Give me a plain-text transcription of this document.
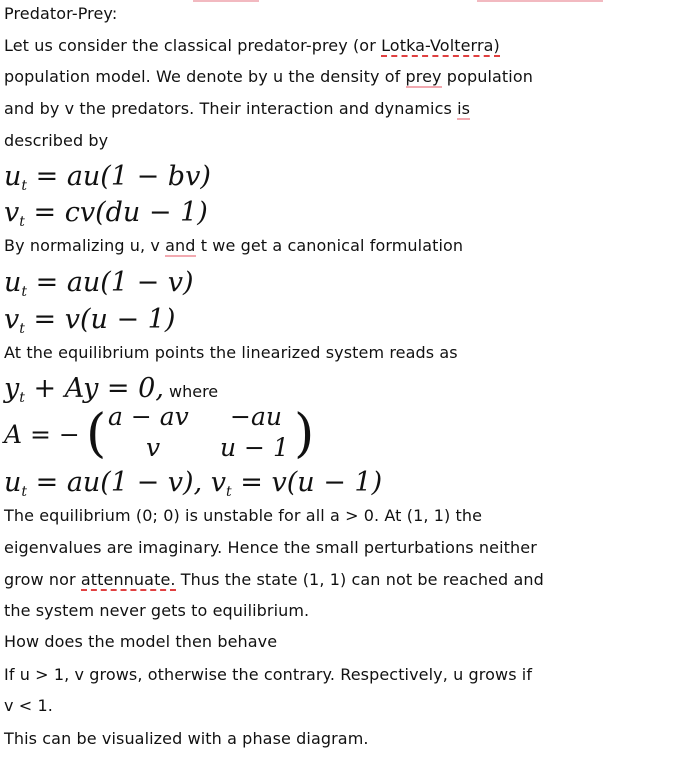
Predator-Prey:
Let us consider the classical predator-prey (or Lotka-Volterra)
population model. We denote by u the density of prey population
and by v the predators. Their interaction and dynamics is
described by
ut = au(1 − bv)
vt = cv(du − 1)
By normalizing u, v and t we get a canonical formulation
ut = au(1 − v)
vt = v(u − 1)
At the equilibrium points the linearized system reads as
yt + Ay = 0, where
A = − ( a − av −au
v u − 1 )
ut = au(1 − v), vt = v(u − 1)
The equilibrium (0; 0) is unstable for all a > 0. At (1, 1) the
eigenvalues are imaginary. Hence the small perturbations neither
grow nor attennuate. Thus the state (1, 1) can not be reached and
the system never gets to equilibrium.
How does the model then behave
If u > 1, v grows, otherwise the contrary. Respectively, u grows if
v < 1.
This can be visualized with a phase diagram.
